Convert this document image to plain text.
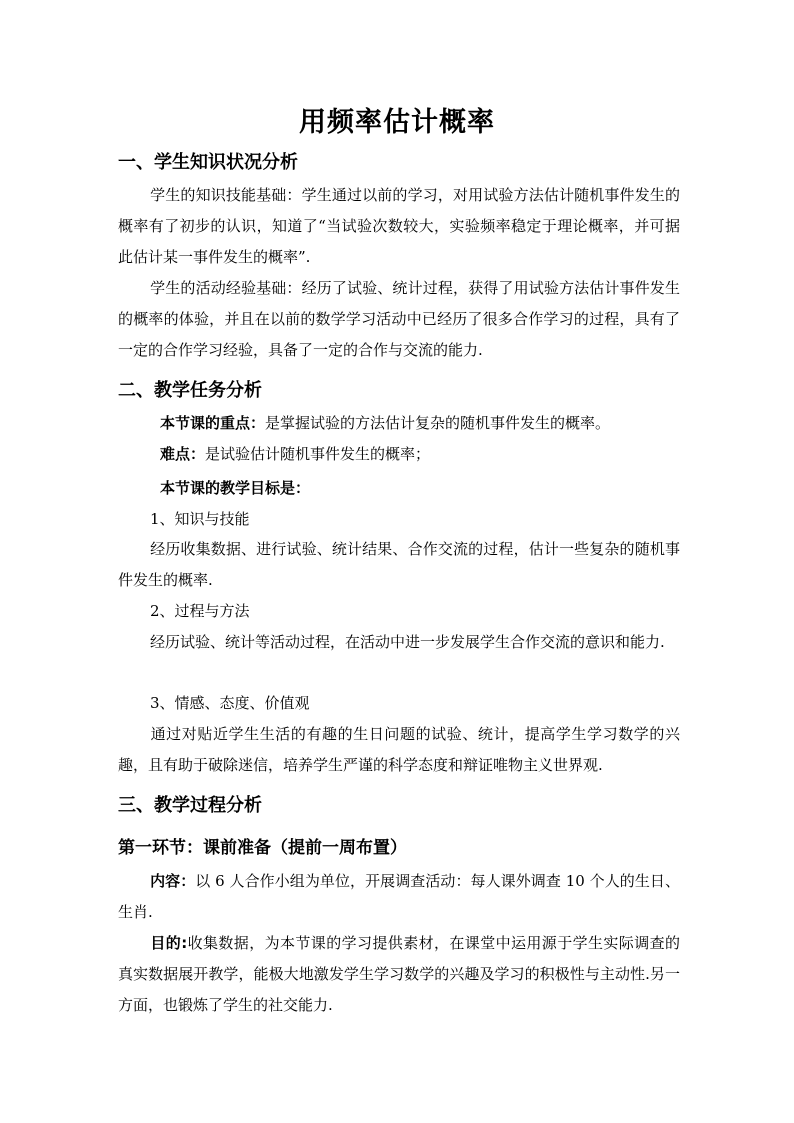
用频率估计概率
一、学生知识状况分析
学生的知识技能基础：学生通过以前的学习，对用试验方法估计随机事件发生的概率有了初步的认识，知道了“当试验次数较大，实验频率稳定于理论概率，并可据此估计某一事件发生的概率”.
学生的活动经验基础：经历了试验、统计过程，获得了用试验方法估计事件发生的概率的体验，并且在以前的数学学习活动中已经历了很多合作学习的过程，具有了一定的合作学习经验，具备了一定的合作与交流的能力.
二、教学任务分析
本节课的重点：是掌握试验的方法估计复杂的随机事件发生的概率。
难点：是试验估计随机事件发生的概率；
本节课的教学目标是：
1、知识与技能
经历收集数据、进行试验、统计结果、合作交流的过程，估计一些复杂的随机事件发生的概率.
2、过程与方法
经历试验、统计等活动过程，在活动中进一步发展学生合作交流的意识和能力.
3、情感、态度、价值观
通过对贴近学生生活的有趣的生日问题的试验、统计，提高学生学习数学的兴趣，且有助于破除迷信，培养学生严谨的科学态度和辩证唯物主义世界观.
三、教学过程分析
第一环节：课前准备（提前一周布置）
内容：以 6 人合作小组为单位，开展调查活动：每人课外调查 10 个人的生日、生肖.
目的:收集数据，为本节课的学习提供素材，在课堂中运用源于学生实际调查的真实数据展开教学，能极大地激发学生学习数学的兴趣及学习的积极性与主动性.另一方面，也锻炼了学生的社交能力.
